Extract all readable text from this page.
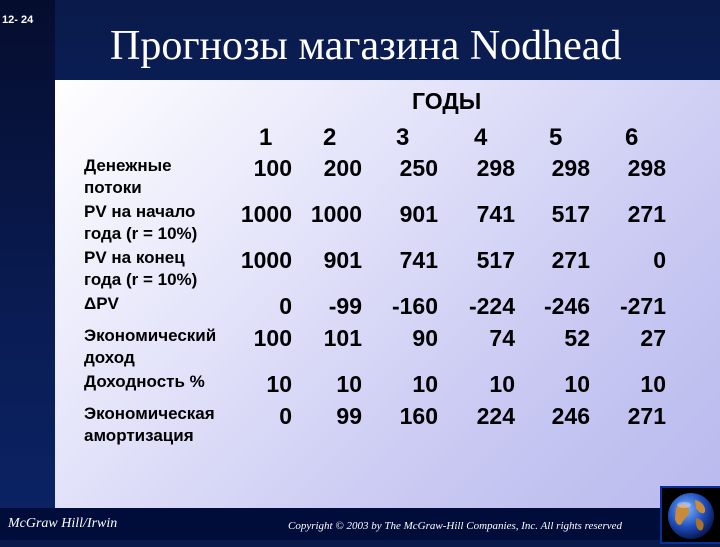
12- 24
Прогнозы магазина Nodhead
ГОДЫ
1 2 3	4	5	6
Денежные
потоки
100 200 250 298 298 298
PV на начало
года (r = 10%)
1000 1000 901 741 517 271
PV на конец
года (r = 10%)
1000 901 741 517 271	0
ΔPV	0 -99 -160 -224 -246 -271
Экономический
доход
100 101 90 74 52 27
Доходность %	10 10 10 10 10 10
Экономическая
амортизация
0 99 160 224 246 271
McGraw Hill/Irwin	Copyright © 2003 by The McGraw-Hill Companies, Inc. All rights reserved
